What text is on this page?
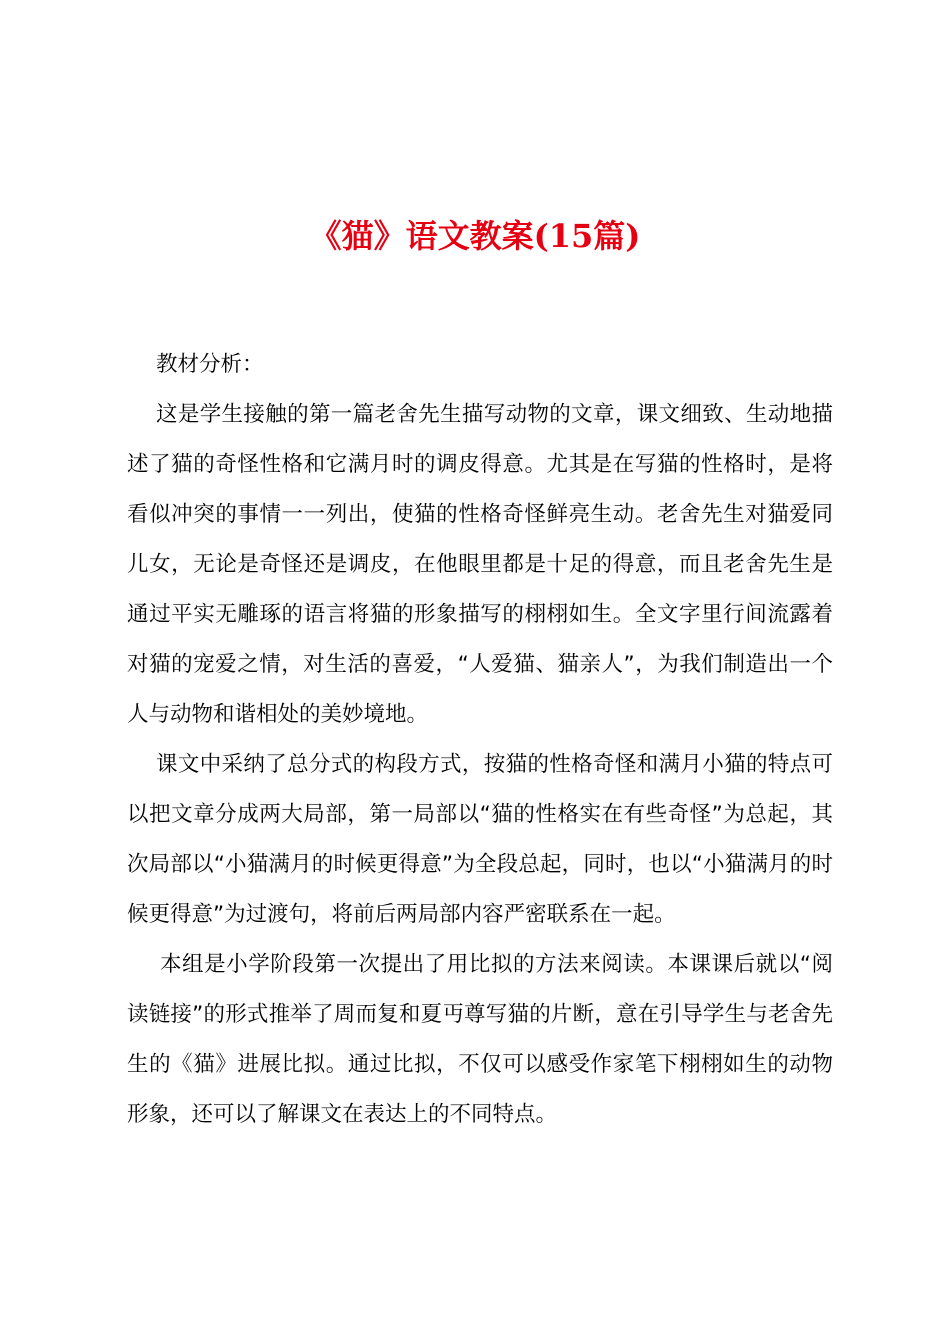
《猫》语文教案(15篇)

教材分析：

这是学生接触的第一篇老舍先生描写动物的文章，课文细致、生动地描述了猫的奇怪性格和它满月时的调皮得意。尤其是在写猫的性格时，是将看似冲突的事情一一列出，使猫的性格奇怪鲜亮生动。老舍先生对猫爱同儿女，无论是奇怪还是调皮，在他眼里都是十足的得意，而且老舍先生是通过平实无雕琢的语言将猫的形象描写的栩栩如生。全文字里行间流露着对猫的宠爱之情，对生活的喜爱，“人爱猫、猫亲人”，为我们制造出一个人与动物和谐相处的美妙境地。

课文中采纳了总分式的构段方式，按猫的性格奇怪和满月小猫的特点可以把文章分成两大局部，第一局部以“猫的性格实在有些奇怪”为总起，其次局部以“小猫满月的时候更得意”为全段总起，同时，也以“小猫满月的时候更得意”为过渡句，将前后两局部内容严密联系在一起。

本组是小学阶段第一次提出了用比拟的方法来阅读。本课课后就以“阅读链接”的形式推举了周而复和夏丏尊写猫的片断，意在引导学生与老舍先生的《猫》进展比拟。通过比拟，不仅可以感受作家笔下栩栩如生的动物形象，还可以了解课文在表达上的不同特点。
